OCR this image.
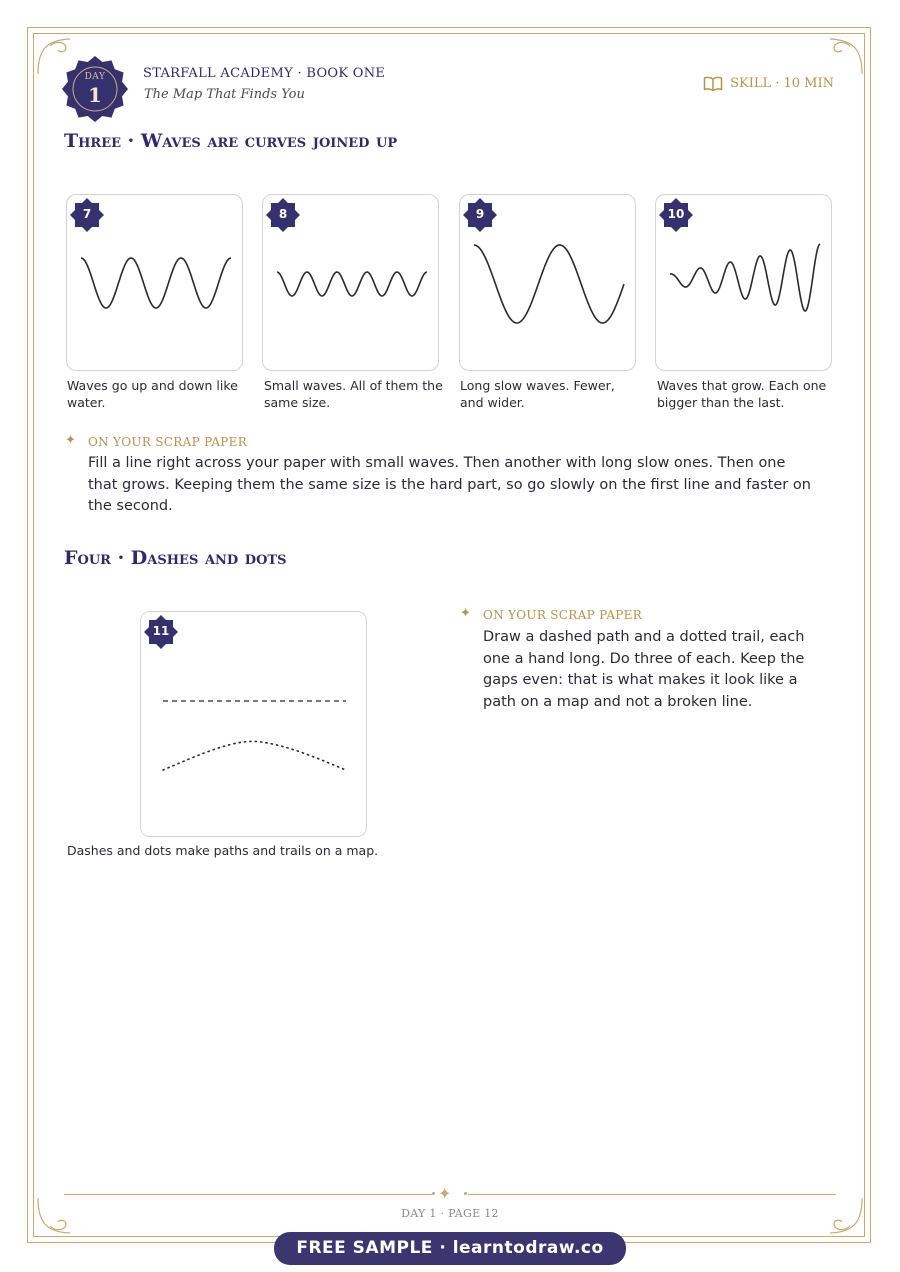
DAY
1
STARFALL ACADEMY · BOOK ONE
The Map That Finds You
SKILL · 10 MIN
Three · Waves are curves joined up
7	8	9	10
Waves go up and down like water.
Small waves. All of them the same size.
Long slow waves. Fewer, and wider.
Waves that grow. Each one bigger than the last.
✦ ON YOUR SCRAP PAPER
Fill a line right across your paper with small waves. Then another with long slow ones. Then one that grows. Keeping them the same size is the hard part, so go slowly on the first line and faster on the second.
Four · Dashes and dots
11
Dashes and dots make paths and trails on a map.
✦ ON YOUR SCRAP PAPER
Draw a dashed path and a dotted trail, each one a hand long. Do three of each. Keep the gaps even: that is what makes it look like a path on a map and not a broken line.
✦
DAY 1 · PAGE 12
FREE SAMPLE · learntodraw.co
